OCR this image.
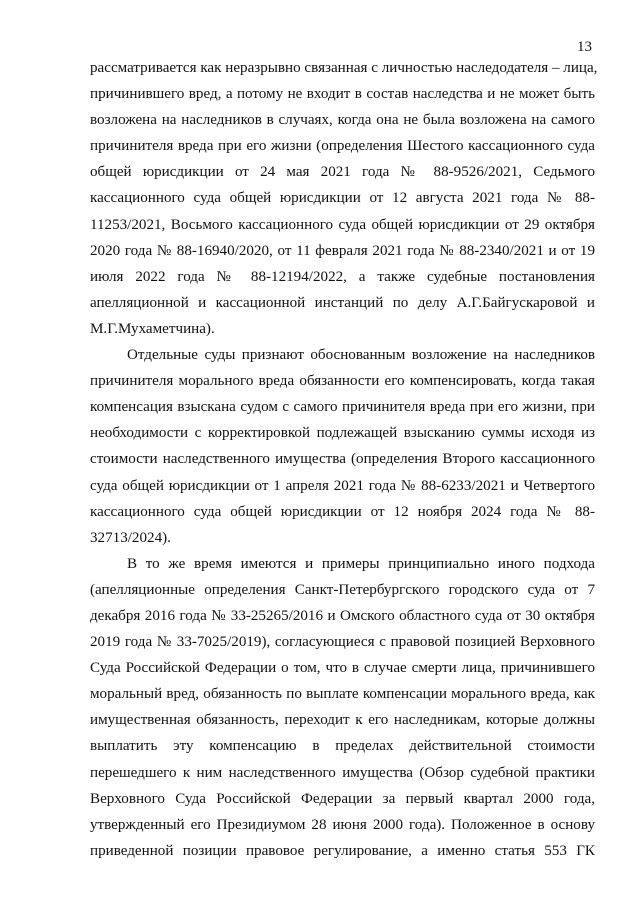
13
рассматривается как неразрывно связанная с личностью наследодателя – лица,
причинившего вред, а потому не входит в состав наследства и не может быть
возложена на наследников в случаях, когда она не была возложена на самого
причинителя вреда при его жизни (определения Шестого кассационного суда
общей юрисдикции от 24 мая 2021 года № 88-9526/2021, Седьмого
кассационного суда общей юрисдикции от 12 августа 2021 года № 88-
11253/2021, Восьмого кассационного суда общей юрисдикции от 29 октября
2020 года № 88-16940/2020, от 11 февраля 2021 года № 88-2340/2021 и от 19
июля 2022 года № 88-12194/2022, а также судебные постановления
апелляционной и кассационной инстанций по делу А.Г.Байгускаровой и
М.Г.Мухаметчина).
Отдельные суды признают обоснованным возложение на наследников
причинителя морального вреда обязанности его компенсировать, когда такая
компенсация взыскана судом с самого причинителя вреда при его жизни, при
необходимости с корректировкой подлежащей взысканию суммы исходя из
стоимости наследственного имущества (определения Второго кассационного
суда общей юрисдикции от 1 апреля 2021 года № 88-6233/2021 и Четвертого
кассационного суда общей юрисдикции от 12 ноября 2024 года № 88-
32713/2024).
В то же время имеются и примеры принципиально иного подхода
(апелляционные определения Санкт-Петербургского городского суда от 7
декабря 2016 года № 33-25265/2016 и Омского областного суда от 30 октября
2019 года № 33-7025/2019), согласующиеся с правовой позицией Верховного
Суда Российской Федерации о том, что в случае смерти лица, причинившего
моральный вред, обязанность по выплате компенсации морального вреда, как
имущественная обязанность, переходит к его наследникам, которые должны
выплатить эту компенсацию в пределах действительной стоимости
перешедшего к ним наследственного имущества (Обзор судебной практики
Верховного Суда Российской Федерации за первый квартал 2000 года,
утвержденный его Президиумом 28 июня 2000 года). Положенное в основу
приведенной позиции правовое регулирование, а именно статья 553 ГК
